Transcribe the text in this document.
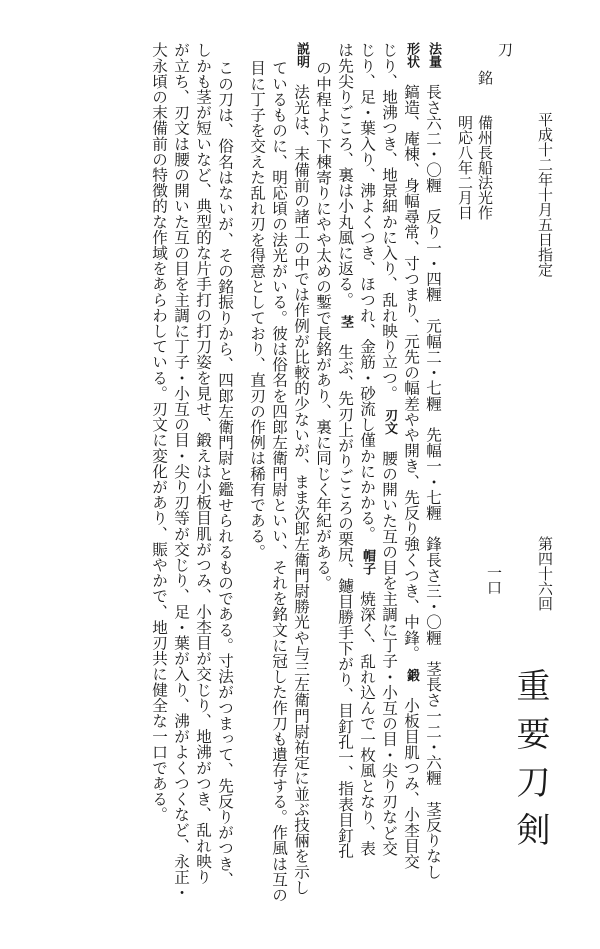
平成十二年十月五日指定
第四十六回
重要刀剣
一口
刀
銘
備州長船法光作
明応八年二月日
法量　長さ六二・〇糎　反り一・四糎　元幅二・七糎　先幅一・七糎　鋒長さ三・〇糎　茎長さ一二・六糎　茎反りなし
形状　鎬造、庵棟、身幅尋常、寸つまり、元先の幅差やや開き、先反り強くつき、中鋒。　鍛　小板目肌つみ、小杢目交
じり、地沸つき、地景細かに入り、乱れ映り立つ。　刃文　腰の開いた互の目を主調に丁子・小互の目・尖り刃など交
じり、足・葉入り、沸よくつき、ほつれ、金筋・砂流し僅かにかかる。　帽子　焼深く、乱れ込んで一枚風となり、表
は先尖りごころ、裏は小丸風に返る。　茎　生ぶ、先刃上がりごころの栗尻、鑢目勝手下がり、目釘孔一、指表目釘孔
の中程より下棟寄りにやや太めの鏨で長銘があり、裏に同じく年紀がある。
説明　法光は、末備前の諸工の中では作例が比較的少ないが、まま次郎左衛門尉勝光や与三左衛門尉祐定に並ぶ技倆を示し
ているものに、明応頃の法光がいる。彼は俗名を四郎左衛門尉といい、それを銘文に冠した作刀も遺存する。作風は互の
目に丁子を交えた乱れ刃を得意としており、直刃の作例は稀有である。
この刀は、俗名はないが、その銘振りから、四郎左衛門尉と鑑せられるものである。寸法がつまって、先反りがつき、
しかも茎が短いなど、典型的な片手打の打刀姿を見せ、鍛えは小板目肌がつみ、小杢目が交じり、地沸がつき、乱れ映り
が立ち、刃文は腰の開いた互の目を主調に丁子・小互の目・尖り刃等が交じり、足・葉が入り、沸がよくつくなど、永正・
大永頃の末備前の特徴的な作域をあらわしている。刃文に変化があり、賑やかで、地刃共に健全な一口である。
